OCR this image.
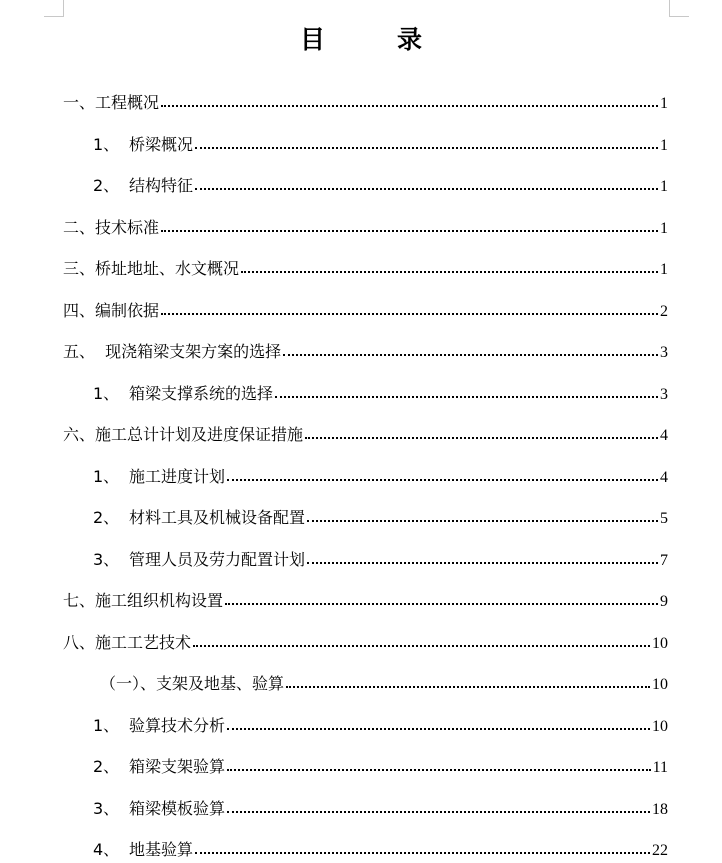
目	录
一、工程概况	1
1、 桥梁概况	1
2、 结构特征	1
二、技术标准	1
三、桥址地址、水文概况	1
四、编制依据	2
五、  现浇箱梁支架方案的选择	3
1、 箱梁支撑系统的选择	3
六、施工总计计划及进度保证措施	4
1、 施工进度计划	4
2、 材料工具及机械设备配置	5
3、 管理人员及劳力配置计划	7
七、施工组织机构设置	9
八、施工工艺技术	10
（一）、支架及地基、验算	10
1、 验算技术分析	10
2、 箱梁支架验算	11
3、 箱梁模板验算	18
4、 地基验算	22
